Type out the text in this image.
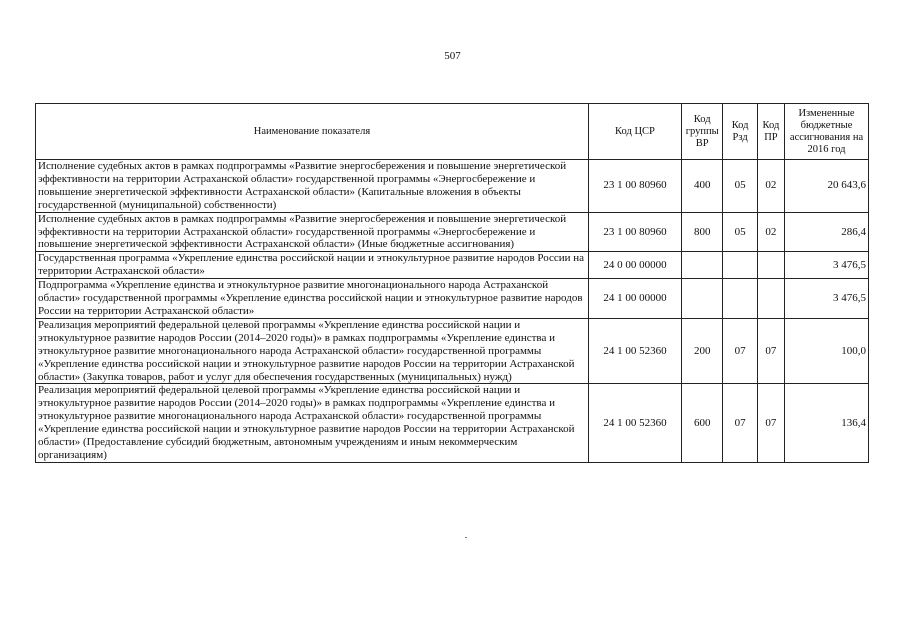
507
Наименование показателя	Код ЦСР	Код группы ВР	Код Рзд	Код ПР	Измененные бюджетные ассигнования на 2016 год
Исполнение судебных актов в рамках подпрограммы «Развитие энергосбережения и повышение энергетической эффективности на территории Астраханской области» государственной программы «Энергосбережение и повышение энергетической эффективности Астраханской области» (Капитальные вложения в объекты государственной (муниципальной) собственности)	23 1 00 80960	400	05	02	20 643,6
Исполнение судебных актов в рамках подпрограммы «Развитие энергосбережения и повышение энергетической эффективности на территории Астраханской области» государственной программы «Энергосбережение и повышение энергетической эффективности Астраханской области» (Иные бюджетные ассигнования)	23 1 00 80960	800	05	02	286,4
Государственная программа «Укрепление единства российской нации и этнокультурное развитие народов России на территории Астраханской области»	24 0 00 00000				3 476,5
Подпрограмма «Укрепление единства и этнокультурное развитие многонационального народа Астраханской области» государственной программы «Укрепление единства российской нации и этнокультурное развитие народов России на территории Астраханской области»	24 1 00 00000				3 476,5
Реализация мероприятий федеральной целевой программы «Укрепление единства российской нации и этнокультурное развитие народов России (2014–2020 годы)» в рамках подпрограммы «Укрепление единства и этнокультурное развитие многонационального народа Астраханской области» государственной программы «Укрепление единства российской нации и этнокультурное развитие народов России на территории Астраханской области» (Закупка товаров, работ и услуг для обеспечения государственных (муниципальных) нужд)	24 1 00 52360	200	07	07	100,0
Реализация мероприятий федеральной целевой программы «Укрепление единства российской нации и этнокультурное развитие народов России (2014–2020 годы)» в рамках подпрограммы «Укрепление единства и этнокультурное развитие многонационального народа Астраханской области» государственной программы «Укрепление единства российской нации и этнокультурное развитие народов России на территории Астраханской области» (Предоставление субсидий бюджетным, автономным учреждениям и иным некоммерческим организациям)	24 1 00 52360	600	07	07	136,4
